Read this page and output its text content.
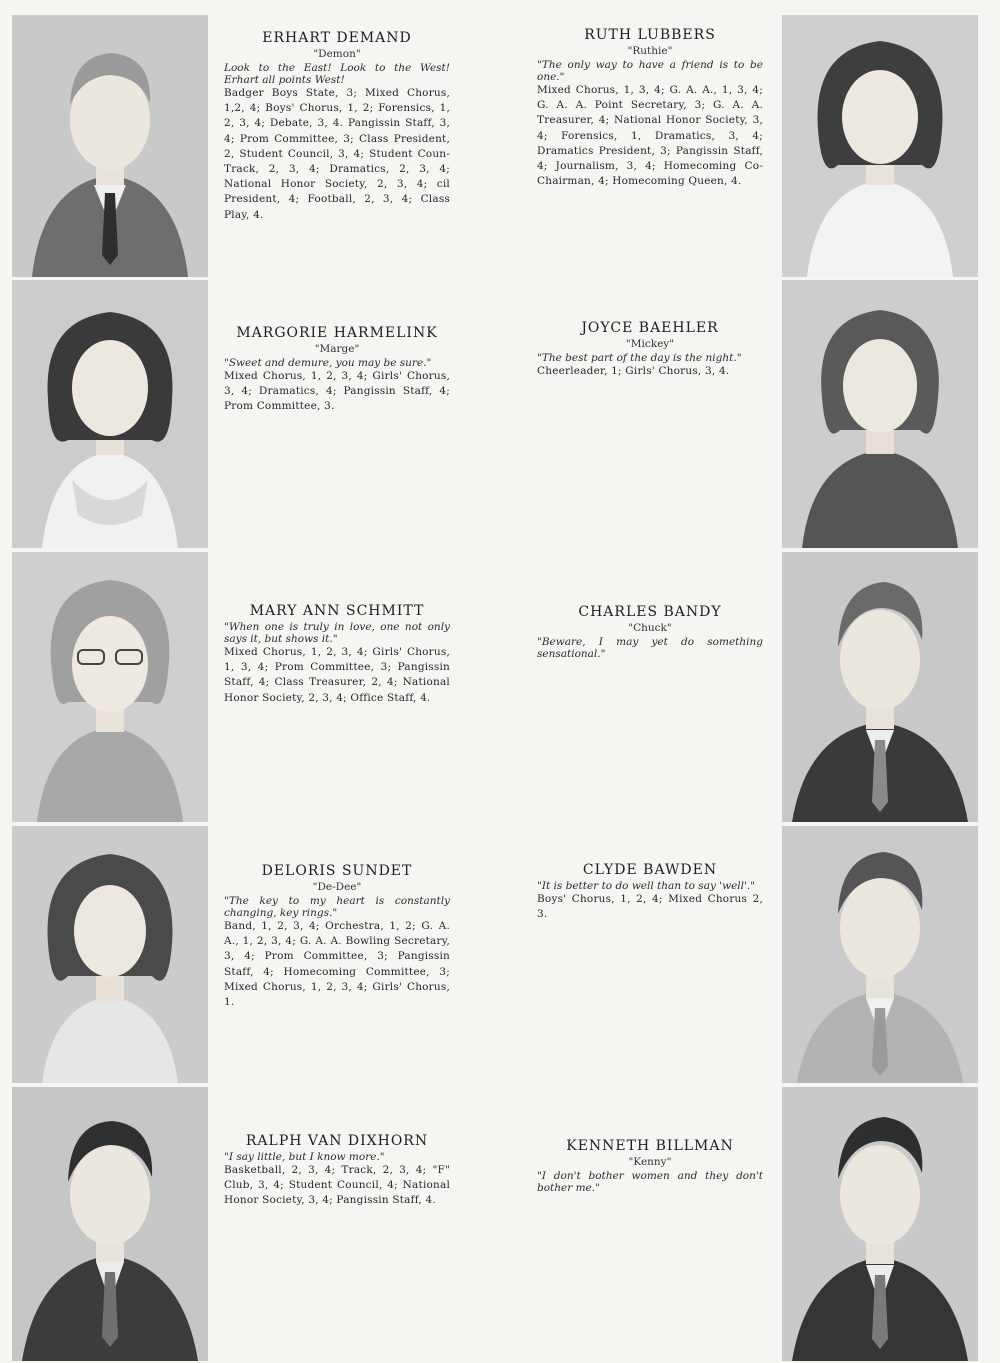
ERHART DEMAND
"Demon"
Look to the East! Look to the West! Erhart all points West!
Badger Boys State, 3; Mixed Chorus, 1,2, 4; Boys' Chorus, 1, 2; Forensics, 1, 2, 3, 4; Debate, 3, 4. Pangissin Staff, 3, 4; Prom Committee, 3; Class President, 2, Student Council, 3, 4; Student Coun- Track, 2, 3, 4; Dramatics, 2, 3, 4; National Honor Society, 2, 3, 4; cil President, 4; Football, 2, 3, 4; Class Play, 4.
MARGORIE HARMELINK
"Marge"
"Sweet and demure, you may be sure."
Mixed Chorus, 1, 2, 3, 4; Girls' Chorus, 3, 4; Dramatics, 4; Pangissin Staff, 4; Prom Committee, 3.
MARY ANN SCHMITT
"When one is truly in love, one not only says it, but shows it."
Mixed Chorus, 1, 2, 3, 4; Girls' Chorus, 1, 3, 4; Prom Committee, 3; Pangissin Staff, 4; Class Treasurer, 2, 4; National Honor Society, 2, 3, 4; Office Staff, 4.
DELORIS SUNDET
"De-Dee"
"The key to my heart is constantly changing, key rings."
Band, 1, 2, 3, 4; Orchestra, 1, 2; G. A. A., 1, 2, 3, 4; G. A. A. Bowling Secretary, 3, 4; Prom Committee, 3; Pangissin Staff, 4; Homecoming Committee, 3; Mixed Chorus, 1, 2, 3, 4; Girls' Chorus, 1.
RALPH VAN DIXHORN
"I say little, but I know more."
Basketball, 2, 3, 4; Track, 2, 3, 4; "F" Club, 3, 4; Student Council, 4; National Honor Society, 3, 4; Pangissin Staff, 4.
RUTH LUBBERS
"Ruthie"
"The only way to have a friend is to be one."
Mixed Chorus, 1, 3, 4; G. A. A., 1, 3, 4; G. A. A. Point Secretary, 3; G. A. A. Treasurer, 4; National Honor Society, 3, 4; Forensics, 1, Dramatics, 3, 4; Dramatics President, 3; Pangissin Staff, 4; Journalism, 3, 4; Homecoming Co-Chairman, 4; Homecoming Queen, 4.
JOYCE BAEHLER
"Mickey"
"The best part of the day is the night."
Cheerleader, 1; Girls' Chorus, 3, 4.
CHARLES BANDY
"Chuck"
"Beware, I may yet do something sensational."
CLYDE BAWDEN
"It is better to do well than to say 'well'."
Boys' Chorus, 1, 2, 4; Mixed Chorus 2, 3.
KENNETH BILLMAN
"Kenny"
"I don't bother women and they don't bother me."
